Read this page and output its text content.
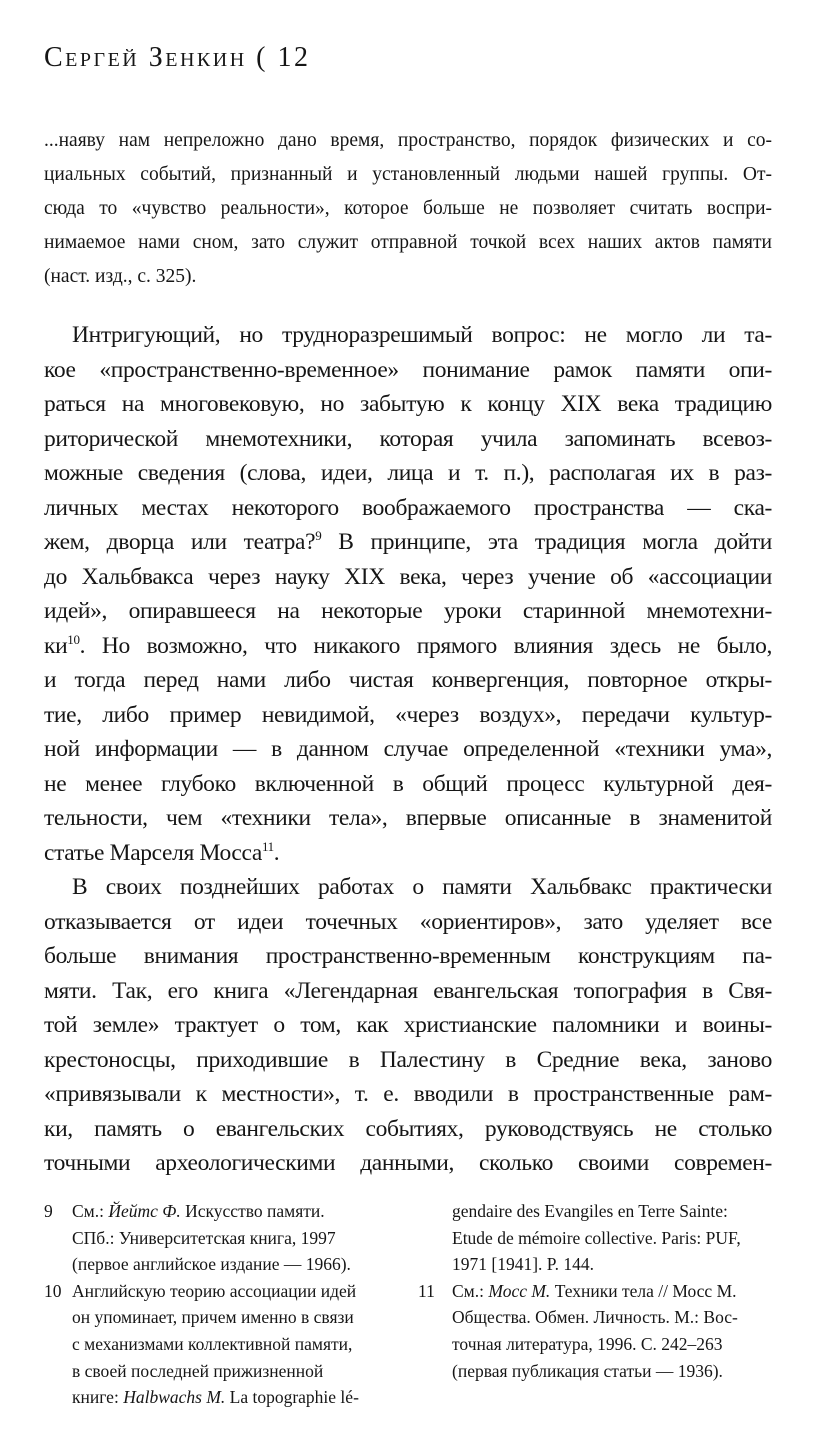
Сергей Зенкин ( 12
...наяву нам непреложно дано время, пространство, порядок физических и со-
циальных событий, признанный и установленный людьми нашей группы. От-
сюда то «чувство реальности», которое больше не позволяет считать воспри-
нимаемое нами сном, зато служит отправной точкой всех наших актов памяти
(наст. изд., с. 325).
Интригующий, но трудноразрешимый вопрос: не могло ли та-
кое «пространственно-временное» понимание рамок памяти опи-
раться на многовековую, но забытую к концу XIX века традицию
риторической мнемотехники, которая учила запоминать всевоз-
можные сведения (слова, идеи, лица и т. п.), располагая их в раз-
личных местах некоторого воображаемого пространства — ска-
жем, дворца или театра?$^9$ В принципе, эта традиция могла дойти
до Хальбвакса через науку XIX века, через учение об «ассоциации
идей», опиравшееся на некоторые уроки старинной мнемотехни-
ки$^{10}$. Но возможно, что никакого прямого влияния здесь не было,
и тогда перед нами либо чистая конвергенция, повторное откры-
тие, либо пример невидимой, «через воздух», передачи культур-
ной информации — в данном случае определенной «техники ума»,
не менее глубоко включенной в общий процесс культурной дея-
тельности, чем «техники тела», впервые описанные в знаменитой
статье Марселя Мосса$^{11}$.
В своих позднейших работах о памяти Хальбвакс практически
отказывается от идеи точечных «ориентиров», зато уделяет все
больше внимания пространственно-временным конструкциям па-
мяти. Так, его книга «Легендарная евангельская топография в Свя-
той земле» трактует о том, как христианские паломники и воины-
крестоносцы, приходившие в Палестину в Средние века, заново
«привязывали к местности», т. е. вводили в пространственные рам-
ки, память о евангельских событиях, руководствуясь не столько
точными археологическими данными, сколько своими современ-
9	См.: Йейтс Ф. Искусство памяти.
СПб.: Университетская книга, 1997
(первое английское издание — 1966).
10 Английскую теорию ассоциации идей
он упоминает, причем именно в связи
с механизмами коллективной памяти,
в своей последней прижизненной
книге: Halbwachs M. La topographie lé-
gendaire des Evangiles en Terre Sainte:
Etude de mémoire collective. Paris: PUF,
1971 [1941]. P. 144.
11 См.: Мосс М. Техники тела // Мосс М.
Общества. Обмен. Личность. М.: Вос-
точная литература, 1996. С. 242–263
(первая публикация статьи — 1936).
